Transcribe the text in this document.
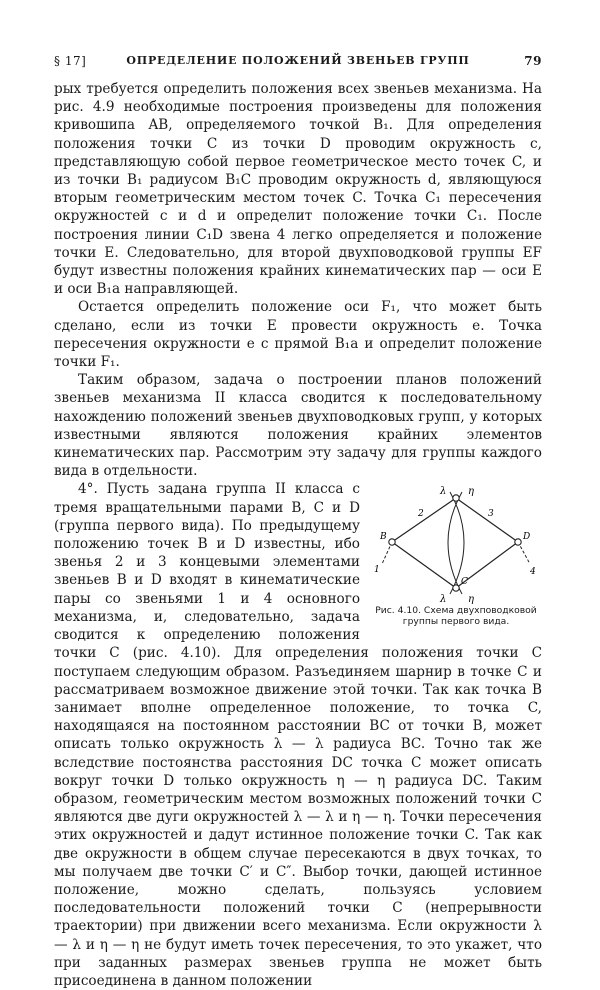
§ 17]	ОПРЕДЕЛЕНИЕ ПОЛОЖЕНИЙ ЗВЕНЬЕВ ГРУПП	79

рых требуется определить положения всех звеньев механизма. На рис. 4.9 необходимые построения произведены для положения кривошипа AB, определяемого точкой B₁. Для определения положения точки C из точки D проводим окружность c, представляющую собой первое геометрическое место точек C, и из точки B₁ радиусом B₁C проводим окружность d, являющуюся вторым геометрическим местом точек C. Точка C₁ пересечения окружностей c и d и определит положение точки C₁. После построения линии C₁D звена 4 легко определяется и положение точки E. Следовательно, для второй двухповодковой группы EF будут известны положения крайних кинематических пар — оси E и оси B₁a направляющей.

Остается определить положение оси F₁, что может быть сделано, если из точки E провести окружность e. Точка пересечения окружности e с прямой B₁a и определит положение точки F₁.

Таким образом, задача о построении планов положений звеньев механизма II класса сводится к последовательному нахождению положений звеньев двухповодковых групп, у которых известными являются положения крайних элементов кинематических пар. Рассмотрим эту задачу для группы каждого вида в отдельности.

λ η
λ η
B	D
C
2	3
1	4
Рис. 4.10. Схема двухповодковой группы первого вида.

4°. Пусть задана группа II класса с тремя вращательными парами B, C и D (группа первого вида). По предыдущему положению точек B и D известны, ибо звенья 2 и 3 концевыми элементами звеньев B и D входят в кинематические пары со звеньями 1 и 4 основного механизма, и, следовательно, задача сводится к определению положения точки C (рис. 4.10). Для определения положения точки C поступаем следующим образом. Разъединяем шарнир в точке C и рассматриваем возможное движение этой точки. Так как точка B занимает вполне определенное положение, то точка C, находящаяся на постоянном расстоянии BC от точки B, может описать только окружность λ — λ радиуса BC. Точно так же вследствие постоянства расстояния DC точка C может описать вокруг точки D только окружность η — η радиуса DC. Таким образом, геометрическим местом возможных положений точки C являются две дуги окружностей λ — λ и η — η. Точки пересечения этих окружностей и дадут истинное положение точки C. Так как две окружности в общем случае пересекаются в двух точках, то мы получаем две точки C′ и C″. Выбор точки, дающей истинное положение, можно сделать, пользуясь условием последовательности положений точки C (непрерывности траектории) при движении всего механизма. Если окружности λ — λ и η — η не будут иметь точек пересечения, то это укажет, что при заданных размерах звеньев группа не может быть присоединена в данном положении
